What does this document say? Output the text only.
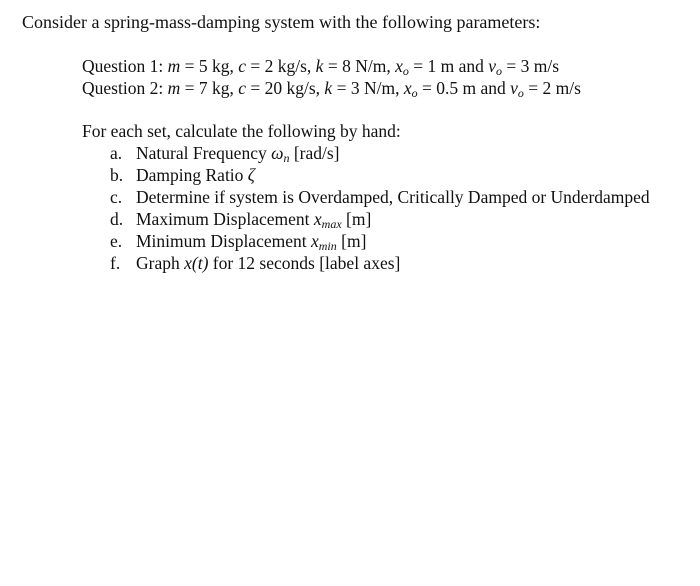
Consider a spring-mass-damping system with the following parameters:
Question 1: m = 5 kg, c = 2 kg/s, k = 8 N/m, $x_o = 1$ m and $v_o = 3$ m/s
Question 2: m = 7 kg, c = 20 kg/s, k = 3 N/m, $x_o = 0.5$ m and $v_o = 2$ m/s
For each set, calculate the following by hand:
a. Natural Frequency $\omega_n$ [rad/s]
b. Damping Ratio ζ
c. Determine if system is Overdamped, Critically Damped or Underdamped
d. Maximum Displacement $x_{max}$ [m]
e. Minimum Displacement $x_{min}$ [m]
f. Graph x(t) for 12 seconds [label axes]
